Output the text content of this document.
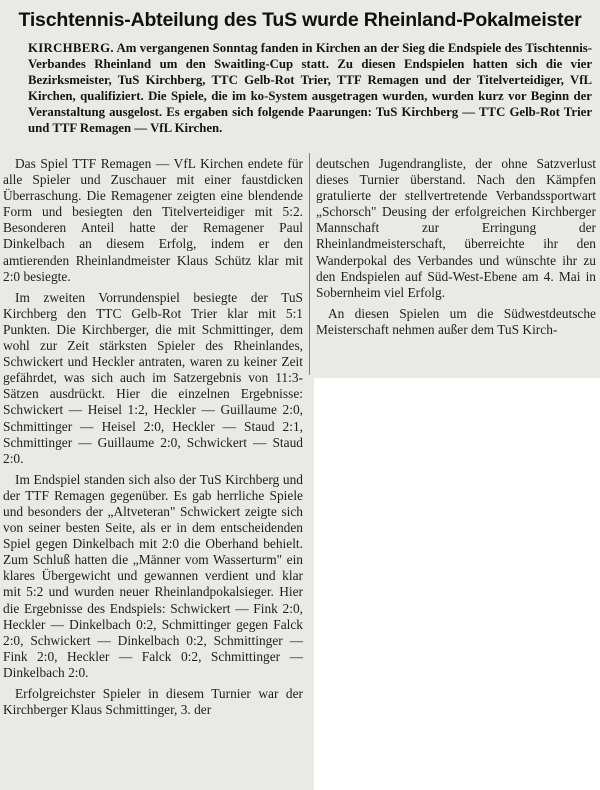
Tischtennis-Abteilung des TuS wurde Rheinland-Pokalmeister
KIRCHBERG. Am vergangenen Sonntag fanden in Kirchen an der Sieg die Endspiele des Tischtennis-Verbandes Rheinland um den Swaitling-Cup statt. Zu diesen Endspielen hatten sich die vier Bezirksmeister, TuS Kirchberg, TTC Gelb-Rot Trier, TTF Remagen und der Titelverteidiger, VfL Kirchen, qualifiziert. Die Spiele, die im ko-System ausgetragen wurden, wurden kurz vor Beginn der Veranstaltung ausgelost. Es ergaben sich folgende Paarungen: TuS Kirchberg — TTC Gelb-Rot Trier und TTF Remagen — VfL Kirchen.

Das Spiel TTF Remagen — VfL Kirchen endete für alle Spieler und Zuschauer mit einer faustdicken Überraschung. Die Remagener zeigten eine blendende Form und besiegten den Titelverteidiger mit 5:2. Besonderen Anteil hatte der Remagener Paul Dinkelbach an diesem Erfolg, indem er den amtierenden Rheinlandmeister Klaus Schütz klar mit 2:0 besiegte.

Im zweiten Vorrundenspiel besiegte der TuS Kirchberg den TTC Gelb-Rot Trier klar mit 5:1 Punkten. Die Kirchberger, die mit Schmittinger, dem wohl zur Zeit stärksten Spieler des Rheinlandes, Schwickert und Heckler antraten, waren zu keiner Zeit gefährdet, was sich auch im Satzergebnis von 11:3-Sätzen ausdrückt. Hier die einzelnen Ergebnisse: Schwickert — Heisel 1:2, Heckler — Guillaume 2:0, Schmittinger — Heisel 2:0, Heckler — Staud 2:1, Schmittinger — Guillaume 2:0, Schwickert — Staud 2:0.

Im Endspiel standen sich also der TuS Kirchberg und der TTF Remagen gegenüber. Es gab herrliche Spiele und besonders der „Altveteran" Schwickert zeigte sich von seiner besten Seite, als er in dem entscheidenden Spiel gegen Dinkelbach mit 2:0 die Oberhand behielt. Zum Schluß hatten die „Männer vom Wasserturm" ein klares Übergewicht und gewannen verdient und klar mit 5:2 und wurden neuer Rheinlandpokalsieger. Hier die Ergebnisse des Endspiels: Schwickert — Fink 2:0, Heckler — Dinkelbach 0:2, Schmittinger gegen Falck 2:0, Schwickert — Dinkelbach 0:2, Schmittinger — Fink 2:0, Heckler — Falck 0:2, Schmittinger — Dinkelbach 2:0.

Erfolgreichster Spieler in diesem Turnier war der Kirchberger Klaus Schmittinger, 3. der

deutschen Jugendrangliste, der ohne Satzverlust dieses Turnier überstand. Nach den Kämpfen gratulierte der stellvertretende Verbandssportwart „Schorsch" Deusing der erfolgreichen Kirchberger Mannschaft zur Erringung der Rheinlandmeisterschaft, überreichte ihr den Wanderpokal des Verbandes und wünschte ihr zu den Endspielen auf Süd-West-Ebene am 4. Mai in Sobernheim viel Erfolg.

An diesen Spielen um die Südwestdeutsche Meisterschaft nehmen außer dem TuS Kirch-
